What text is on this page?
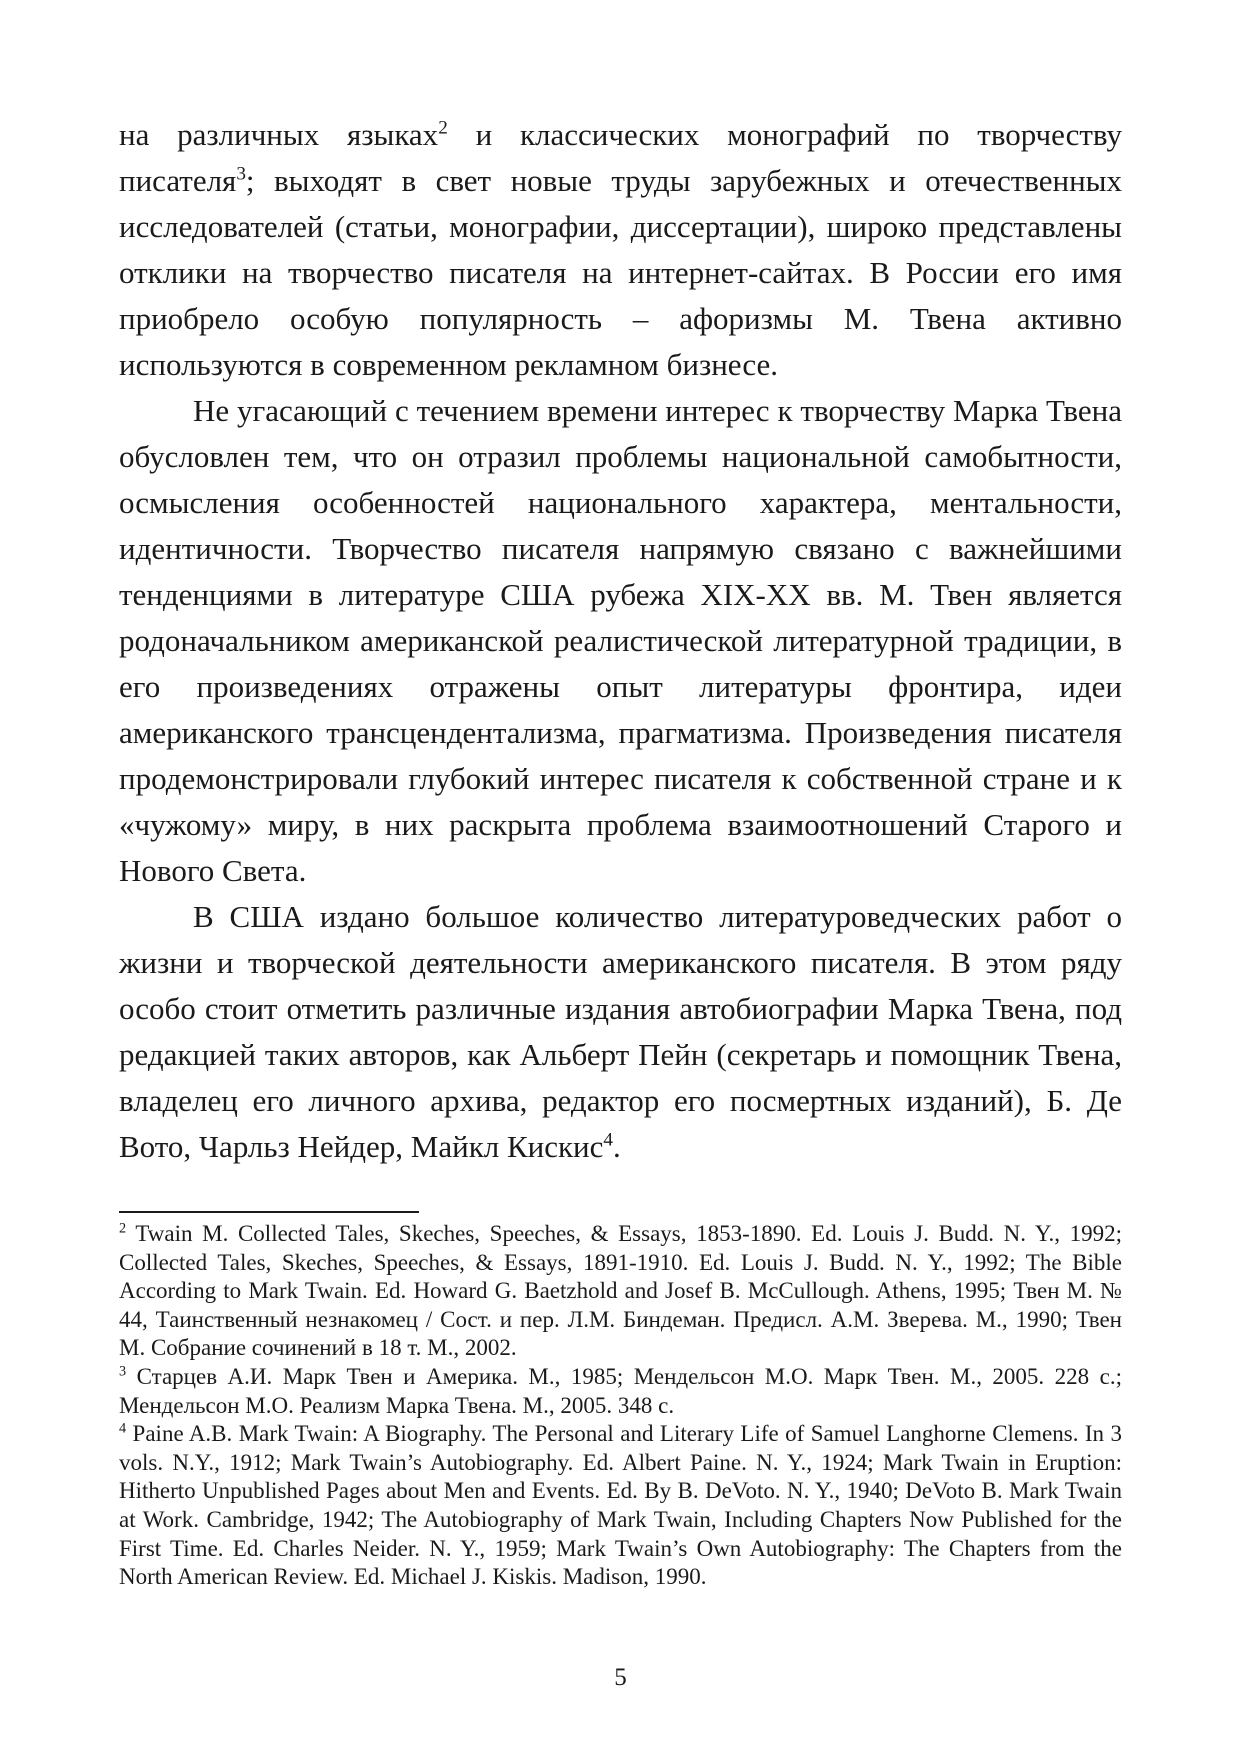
на различных языках$^2$ и классических монографий по творчеству писателя$^3$; выходят в свет новые труды зарубежных и отечественных исследователей (статьи, монографии, диссертации), широко представлены отклики на творчество писателя на интернет-сайтах. В России его имя приобрело особую популярность – афоризмы М. Твена активно используются в современном рекламном бизнесе.

Не угасающий с течением времени интерес к творчеству Марка Твена обусловлен тем, что он отразил проблемы национальной самобытности, осмысления особенностей национального характера, ментальности, идентичности. Творчество писателя напрямую связано с важнейшими тенденциями в литературе США рубежа XIX-XX вв. М. Твен является родоначальником американской реалистической литературной традиции, в его произведениях отражены опыт литературы фронтира, идеи американского трансцендентализма, прагматизма. Произведения писателя продемонстрировали глубокий интерес писателя к собственной стране и к «чужому» миру, в них раскрыта проблема взаимоотношений Старого и Нового Света.

В США издано большое количество литературоведческих работ о жизни и творческой деятельности американского писателя. В этом ряду особо стоит отметить различные издания автобиографии Марка Твена, под редакцией таких авторов, как Альберт Пейн (секретарь и помощник Твена, владелец его личного архива, редактор его посмертных изданий), Б. Де Вото, Чарльз Нейдер, Майкл Кискис$^4$.

$^2$ Twain M. Collected Tales, Skeches, Speeches, & Essays, 1853-1890. Ed. Louis J. Budd. N. Y., 1992; Collected Tales, Skeches, Speeches, & Essays, 1891-1910. Ed. Louis J. Budd. N. Y., 1992; The Bible According to Mark Twain. Ed. Howard G. Baetzhold and Josef B. McCullough. Athens, 1995; Твен М. № 44, Таинственный незнакомец / Сост. и пер. Л.М. Биндеман. Предисл. А.М. Зверева. М., 1990; Твен М. Собрание сочинений в 18 т. М., 2002.

$^3$ Старцев А.И. Марк Твен и Америка. М., 1985; Мендельсон М.О. Марк Твен. М., 2005. 228 с.; Мендельсон М.О. Реализм Марка Твена. М., 2005. 348 с.

$^4$ Paine A.B. Mark Twain: A Biography. The Personal and Literary Life of Samuel Langhorne Clemens. In 3 vols. N.Y., 1912; Mark Twain’s Autobiography. Ed. Albert Paine. N. Y., 1924; Mark Twain in Eruption: Hitherto Unpublished Pages about Men and Events. Ed. By B. DeVoto. N. Y., 1940; DeVoto B. Mark Twain at Work. Cambridge, 1942; The Autobiography of Mark Twain, Including Chapters Now Published for the First Time. Ed. Charles Neider. N. Y., 1959; Mark Twain’s Own Autobiography: The Chapters from the North American Review. Ed. Michael J. Kiskis. Madison, 1990.

5
